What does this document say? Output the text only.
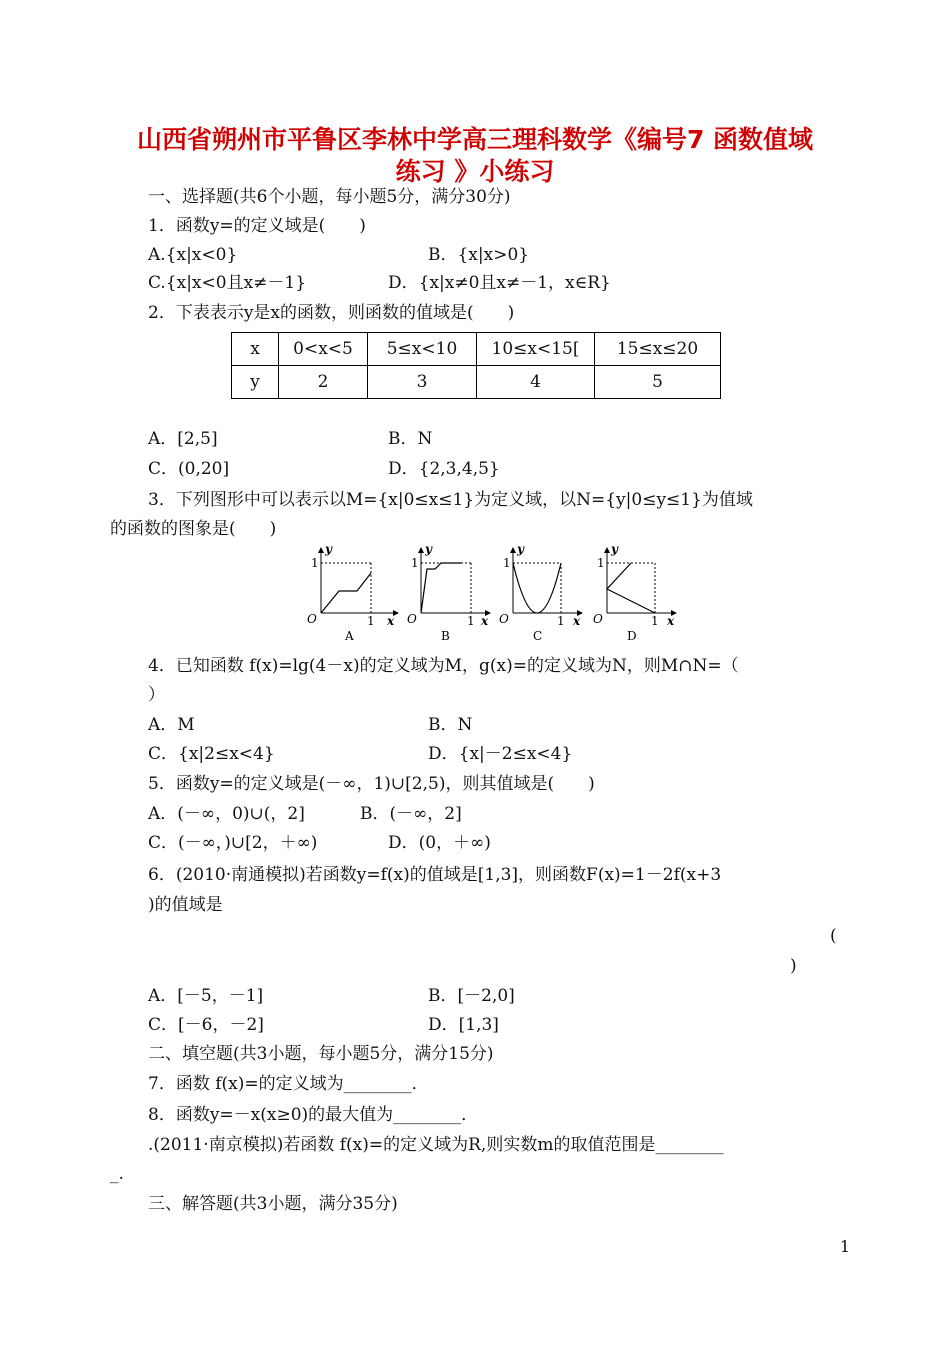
山西省朔州市平鲁区李林中学高三理科数学《编号7 函数值域
练习 》小练习
一、选择题(共6个小题，每小题5分，满分30分)
1．函数y=的定义域是(　　)
A.{x|x<0}	B．{x|x>0}
C.{x|x<0且x≠－1}	D．{x|x≠0且x≠－1，x∈R}
2．下表表示y是x的函数，则函数的值域是(　　)
x	0<x<5	5≤x<10	10≤x<15[	15≤x≤20
y	2	3	4	5
A．[2,5]	B．N
C．(0,20]	D．{2,3,4,5}
3．下列图形中可以表示以M={x|0≤x≤1}为定义域，以N={y|0≤y≤1}为值域
的函数的图象是(　　)
O
1
1
y
x
A
1
1
y
x
B
1
1
y
x
C
O
1
1
y
x
D
O	O
4．已知函数 f(x)=lg(4－x)的定义域为M，g(x)=的定义域为N，则M∩N=（
）
A．M	B．N
C．{x|2≤x<4}	D．{x|－2≤x<4}
5．函数y=的定义域是(－∞，1)∪[2,5)，则其值域是(　　)
A．(－∞，0)∪(，2]	B．(－∞，2]
C．(－∞，)∪[2，＋∞)	D．(0，＋∞)
6．(2010·南通模拟)若函数y=f(x)的值域是[1,3]，则函数F(x)=1－2f(x+3
)的值域是
(
)
A．[－5，－1]	B．[－2,0]
C．[－6，－2]	D．[1,3]
二、填空题(共3小题，每小题5分，满分15分)
7．函数 f(x)=的定义域为________．
8．函数y=－x(x≥0)的最大值为________．
.(2011·南京模拟)若函数 f(x)=的定义域为R,则实数m的取值范围是________
_.
三、解答题(共3小题，满分35分)
1
